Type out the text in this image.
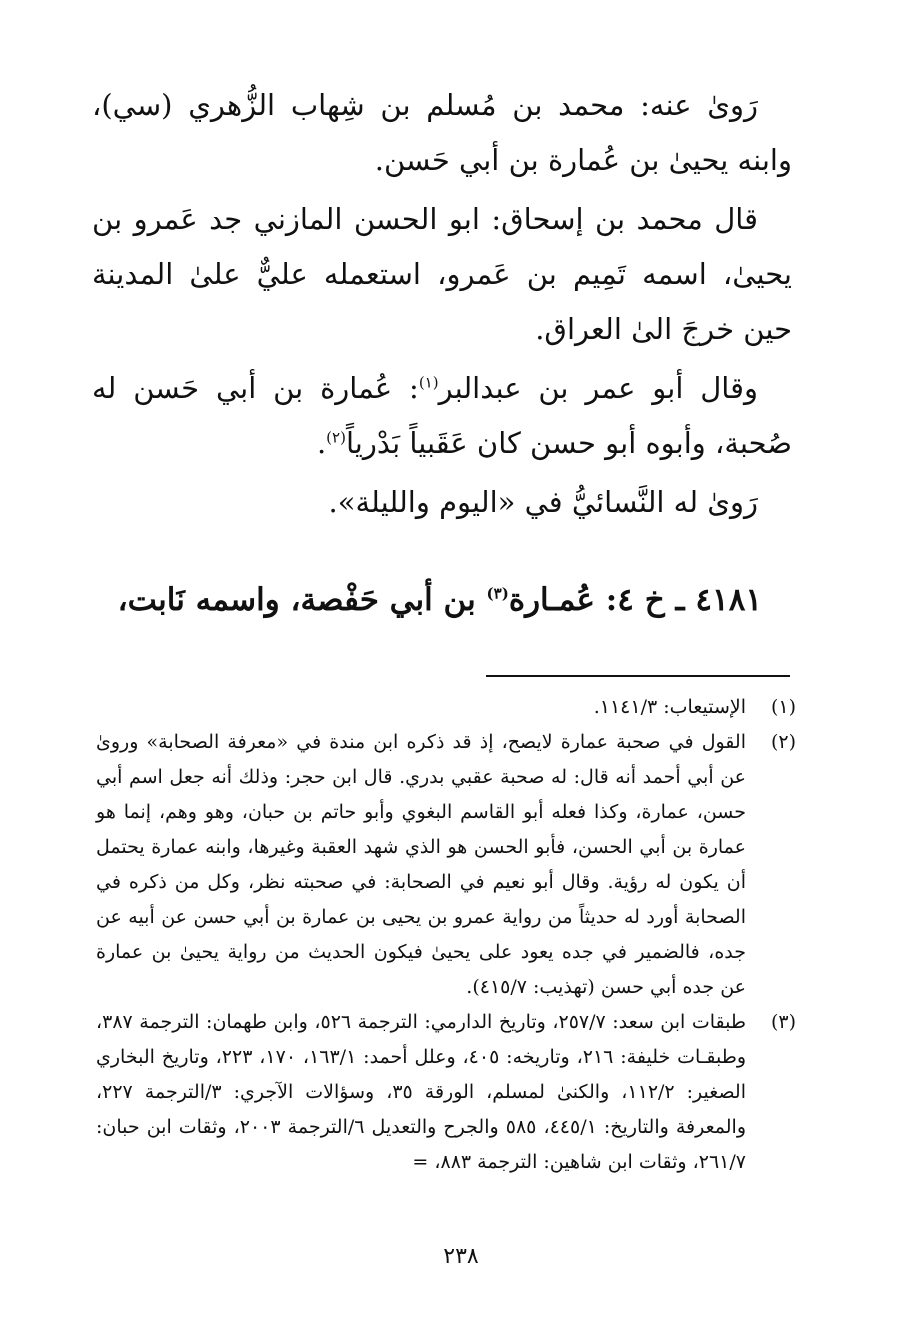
رَوىٰ عنه: محمد بن مُسلم بن شِهاب الزُّهري (سي)، وابنه يحيىٰ بن عُمارة بن أبي حَسن.

قال محمد بن إسحاق: ابو الحسن المازني جد عَمرو بن يحيىٰ، اسمه تَمِيم بن عَمرو، استعمله عليٌّ علىٰ المدينة حين خرجَ الىٰ العراق.

وقال أبو عمر بن عبدالبر$^{(١)}$: عُمارة بن أبي حَسن له صُحبة، وأبوه أبو حسن كان عَقَبياً بَدْرياً$^{(٢)}$.

رَوىٰ له النَّسائيُّ في «اليوم والليلة».

٤١٨١ ـ خ ٤: عُمـارة$^{(٣)}$ بن أبي حَفْصة، واسمه نَابت،
(١)
الإستيعاب: ١١٤١/٣.
(٢)
القول في صحبة عمارة لايصح، إذ قد ذكره ابن مندة في «معرفة الصحابة» وروىٰ عن أبي أحمد أنه قال: له صحبة عقبي بدري. قال ابن حجر: وذلك أنه جعل اسم أبي حسن، عمارة، وكذا فعله أبو القاسم البغوي وأبو حاتم بن حبان، وهو وهم، إنما هو عمارة بن أبي الحسن، فأبو الحسن هو الذي شهد العقبة وغيرها، وابنه عمارة يحتمل أن يكون له رؤية. وقال أبو نعيم في الصحابة: في صحبته نظر، وكل من ذكره في الصحابة أورد له حديثاً من رواية عمرو بن يحيى بن عمارة بن أبي حسن عن أبيه عن جده، فالضمير في جده يعود على يحيىٰ فيكون الحديث من رواية يحيىٰ بن عمارة عن جده أبي حسن (تهذيب: ٤١٥/٧).
(٣)
طبقات ابن سعد: ٢٥٧/٧، وتاريخ الدارمي: الترجمة ٥٢٦، وابن طهمان: الترجمة ٣٨٧، وطبقـات خليفة: ٢١٦، وتاريخه: ٤٠٥، وعلل أحمد: ١٦٣/١، ١٧٠، ٢٢٣، وتاريخ البخاري الصغير: ١١٢/٢، والكنىٰ لمسلم، الورقة ٣٥، وسؤالات الآجري: ٣/الترجمة ٢٢٧، والمعرفة والتاريخ: ٤٤٥/١، ٥٨٥ والجرح والتعديل ٦/الترجمة ٢٠٠٣، وثقات ابن حبان: ٢٦١/٧، وثقات ابن شاهين: الترجمة ٨٨٣، =
٢٣٨
